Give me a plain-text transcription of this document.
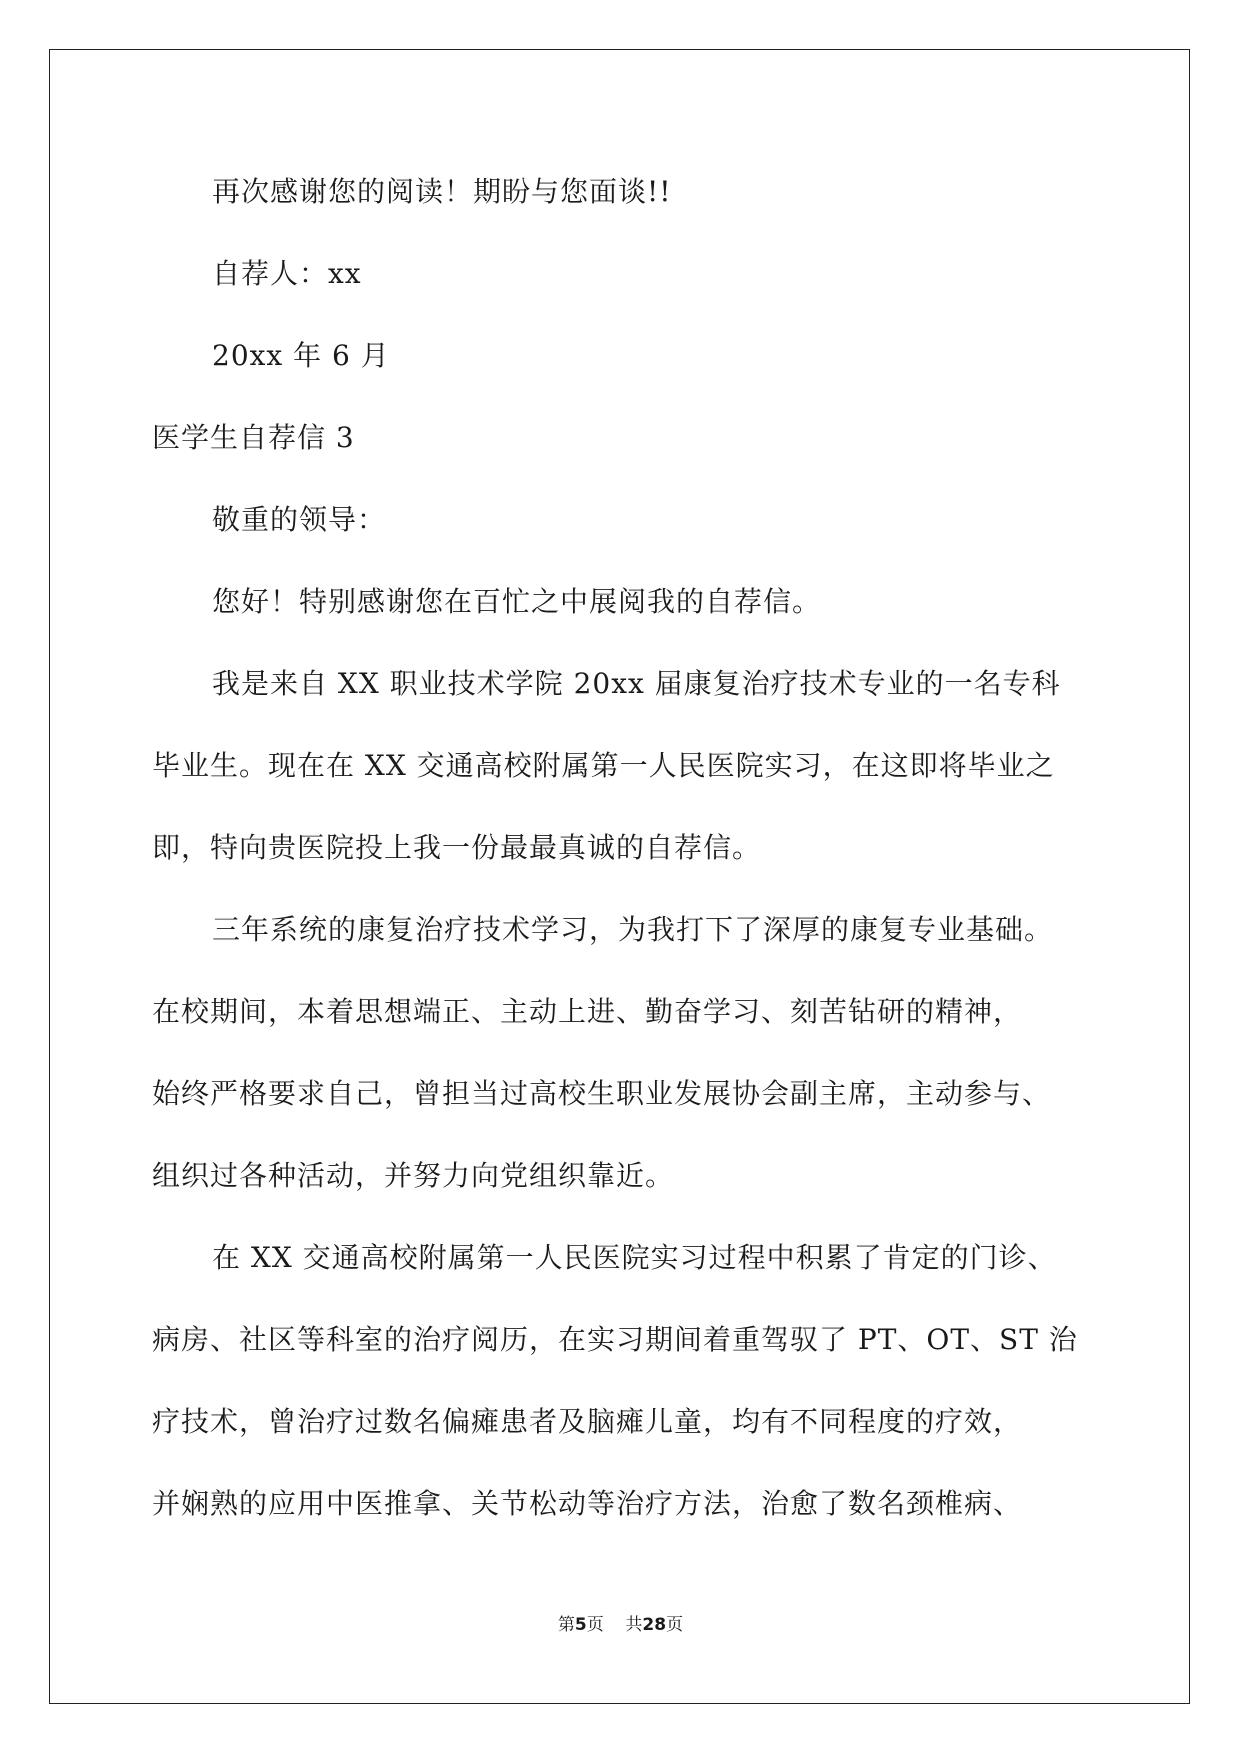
再次感谢您的阅读！期盼与您面谈!!
自荐人：xx
20xx 年 6 月
医学生自荐信 3
敬重的领导：
您好！特别感谢您在百忙之中展阅我的自荐信。
我是来自 XX 职业技术学院 20xx 届康复治疗技术专业的一名专科
毕业生。现在在 XX 交通高校附属第一人民医院实习，在这即将毕业之
即，特向贵医院投上我一份最最真诚的自荐信。
三年系统的康复治疗技术学习，为我打下了深厚的康复专业基础。
在校期间，本着思想端正、主动上进、勤奋学习、刻苦钻研的精神，
始终严格要求自己，曾担当过高校生职业发展协会副主席，主动参与、
组织过各种活动，并努力向党组织靠近。
在 XX 交通高校附属第一人民医院实习过程中积累了肯定的门诊、
病房、社区等科室的治疗阅历，在实习期间着重驾驭了 PT、OT、ST 治
疗技术，曾治疗过数名偏瘫患者及脑瘫儿童，均有不同程度的疗效，
并娴熟的应用中医推拿、关节松动等治疗方法，治愈了数名颈椎病、
第5页 共28页
